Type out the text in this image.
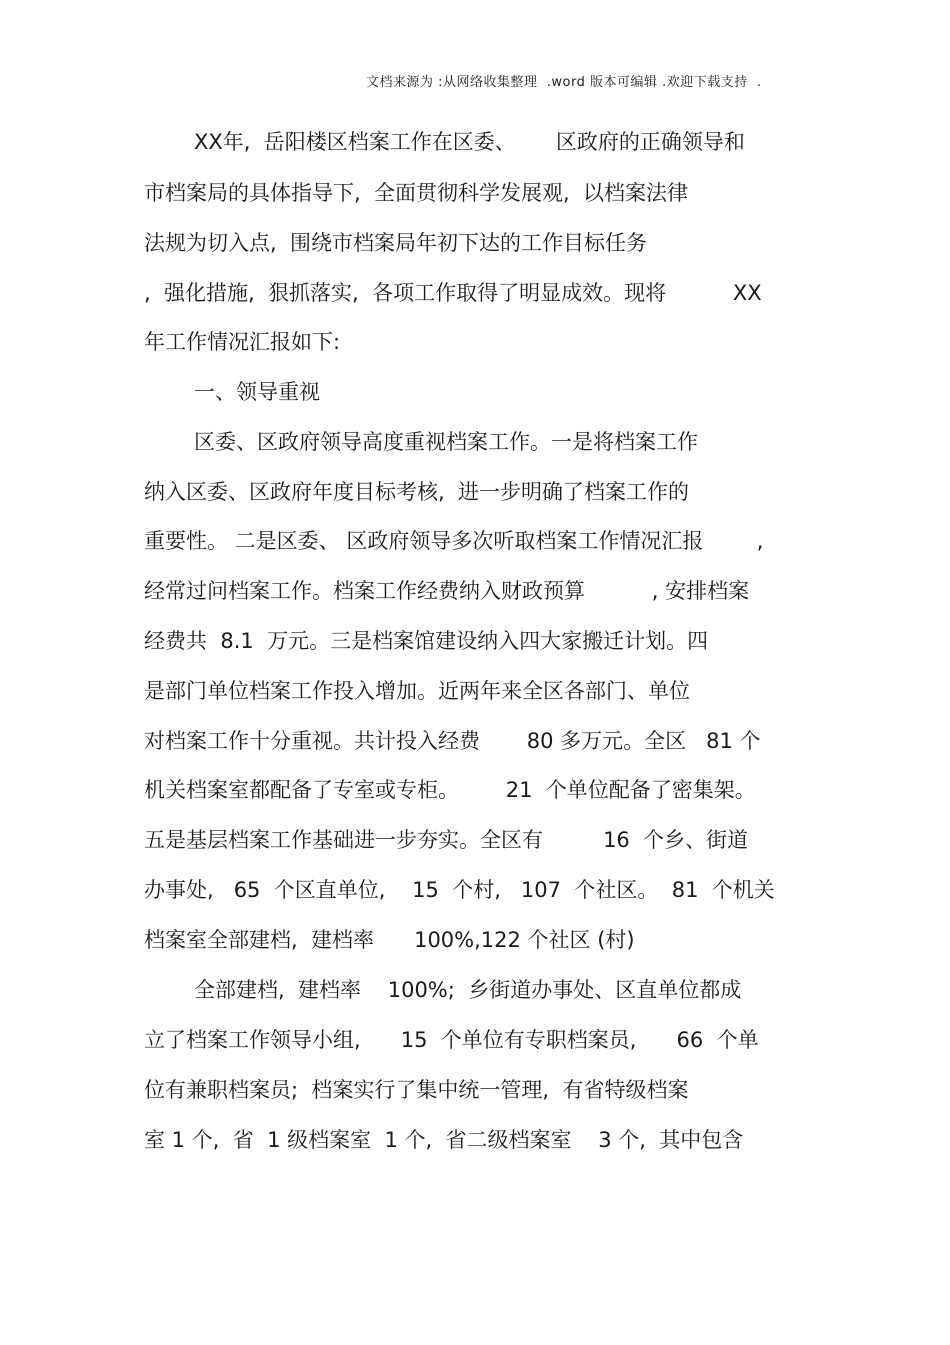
文档来源为 :从网络收集整理  .word 版本可编辑 .欢迎下载支持  .
XX年,  岳阳楼区档案工作在区委、      区政府的正确领导和
市档案局的具体指导下,  全面贯彻科学发展观,  以档案法律
法规为切入点,  围绕市档案局年初下达的工作目标任务
,  强化措施,  狠抓落实,  各项工作取得了明显成效。现将          XX
年工作情况汇报如下:
一、领导重视
区委、区政府领导高度重视档案工作。一是将档案工作
纳入区委、区政府年度目标考核,  进一步明确了档案工作的
重要性。 二是区委、 区政府领导多次听取档案工作情况汇报        ,
经常过问档案工作。档案工作经费纳入财政预算          , 安排档案
经费共  8.1  万元。三是档案馆建设纳入四大家搬迁计划。四
是部门单位档案工作投入增加。近两年来全区各部门、单位
对档案工作十分重视。共计投入经费       80 多万元。全区   81 个
机关档案室都配备了专室或专柜。       21  个单位配备了密集架。
五是基层档案工作基础进一步夯实。全区有         16  个乡、街道
办事处,   65  个区直单位,    15  个村,   107  个社区。  81  个机关
档案室全部建档,  建档率      100%,122 个社区 (村)
全部建档,  建档率    100%;  乡街道办事处、区直单位都成
立了档案工作领导小组,      15  个单位有专职档案员,      66  个单
位有兼职档案员;  档案实行了集中统一管理,  有省特级档案
室 1 个,  省  1 级档案室  1 个,  省二级档案室    3 个,  其中包含
